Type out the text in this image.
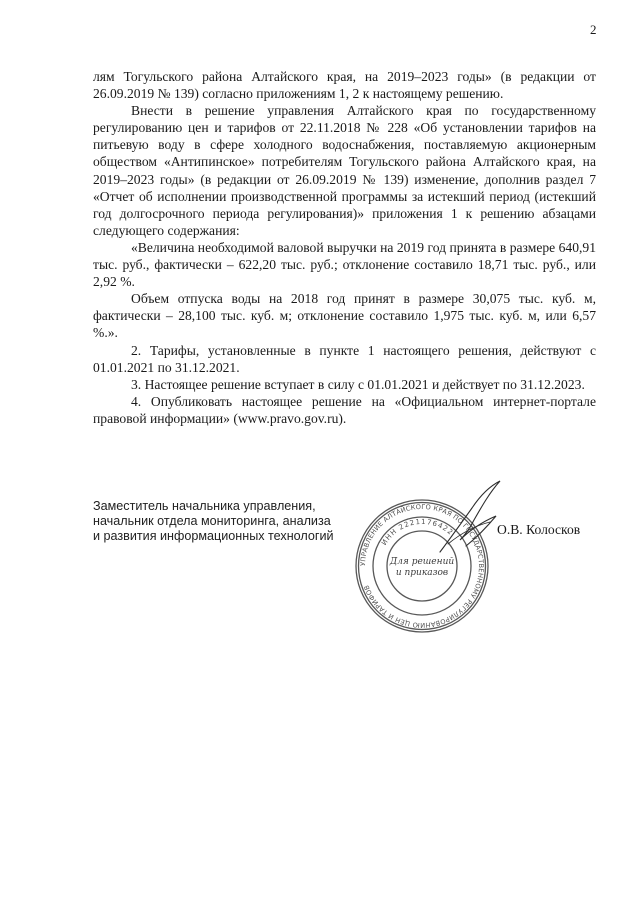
2

лям Тогульского района Алтайского края, на 2019–2023 годы» (в редакции от 26.09.2019 № 139) согласно приложениям 1, 2 к настоящему решению.

Внести в решение управления Алтайского края по государственному регулированию цен и тарифов от 22.11.2018 № 228 «Об установлении тарифов на питьевую воду в сфере холодного водоснабжения, поставляемую акционерным обществом «Антипинское» потребителям Тогульского района Алтайского края, на 2019–2023 годы» (в редакции от 26.09.2019 № 139) изменение, дополнив раздел 7 «Отчет об исполнении производственной программы за истекший период (истекший год долгосрочного периода регулирования)» приложения 1 к решению абзацами следующего содержания:

«Величина необходимой валовой выручки на 2019 год принята в размере 640,91 тыс. руб., фактически – 622,20 тыс. руб.; отклонение составило 18,71 тыс. руб., или 2,92 %.

Объем отпуска воды на 2018 год принят в размере 30,075 тыс. куб. м, фактически – 28,100 тыс. куб. м; отклонение составило 1,975 тыс. куб. м, или 6,57 %.».

2. Тарифы, установленные в пункте 1 настоящего решения, действуют с 01.01.2021 по 31.12.2021.

3. Настоящее решение вступает в силу с 01.01.2021 и действует по 31.12.2023.

4. Опубликовать настоящее решение на «Официальном интернет-портале правовой информации» (www.pravo.gov.ru).

Заместитель начальника управления,
начальник отдела мониторинга, анализа
и развития информационных технологий
УПРАВЛЕНИЕ АЛТАЙСКОГО КРАЯ ПО ГОСУДАРСТВЕННОМУ РЕГУЛИРОВАНИЮ ЦЕН И ТАРИФОВ
ИНН 2221176422
Для решений
и приказов
О.В. Колосков
